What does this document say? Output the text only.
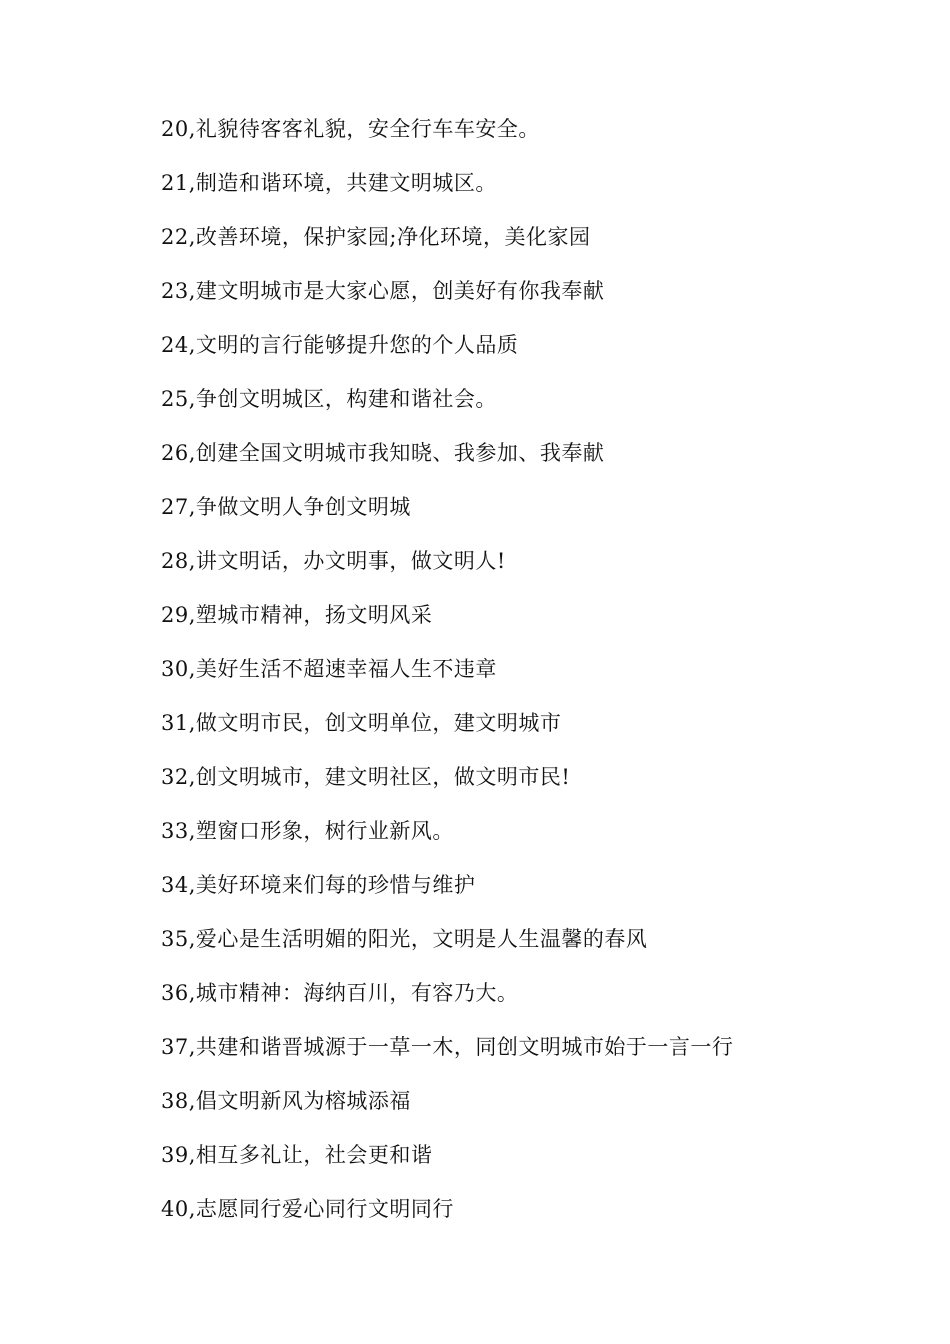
20,礼貌待客客礼貌，安全行车车安全。
21,制造和谐环境，共建文明城区。
22,改善环境，保护家园;净化环境，美化家园
23,建文明城市是大家心愿，创美好有你我奉献
24,文明的言行能够提升您的个人品质
25,争创文明城区，构建和谐社会。
26,创建全国文明城市我知晓、我参加、我奉献
27,争做文明人争创文明城
28,讲文明话，办文明事，做文明人!
29,塑城市精神，扬文明风采
30,美好生活不超速幸福人生不违章
31,做文明市民，创文明单位，建文明城市
32,创文明城市，建文明社区，做文明市民!
33,塑窗口形象，树行业新风。
34,美好环境来们每的珍惜与维护
35,爱心是生活明媚的阳光，文明是人生温馨的春风
36,城市精神：海纳百川，有容乃大。
37,共建和谐晋城源于一草一木，同创文明城市始于一言一行
38,倡文明新风为榕城添福
39,相互多礼让，社会更和谐
40,志愿同行爱心同行文明同行
